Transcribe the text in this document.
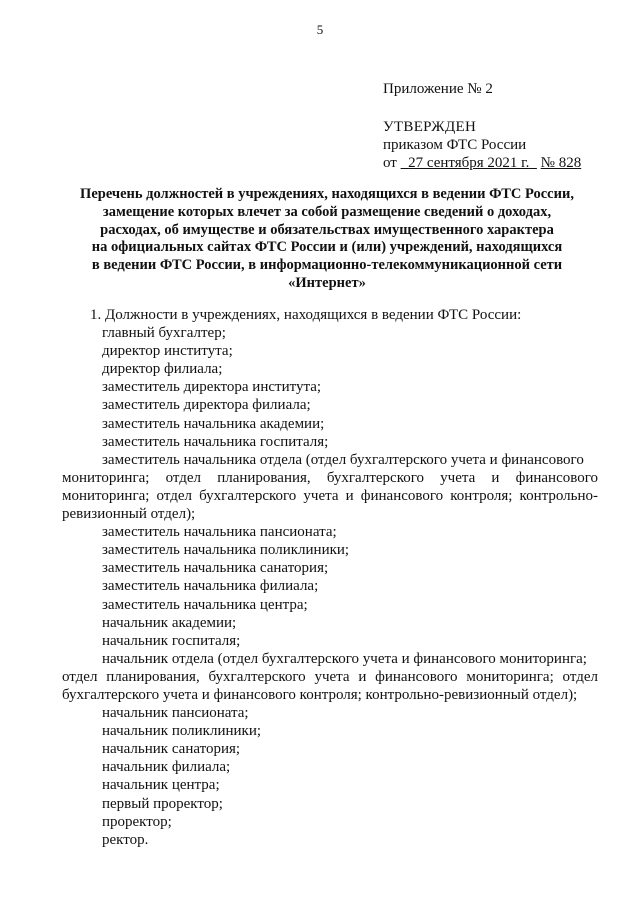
5
Приложение № 2
УТВЕРЖДЕН
приказом ФТС России
от 27 сентября 2021 г. № 828
Перечень должностей в учреждениях, находящихся в ведении ФТС России,
замещение которых влечет за собой размещение сведений о доходах,
расходах, об имуществе и обязательствах имущественного характера
на официальных сайтах ФТС России и (или) учреждений, находящихся
в ведении ФТС России, в информационно-телекоммуникационной сети
«Интернет»
1. Должности в учреждениях, находящихся в ведении ФТС России:
главный бухгалтер;
директор института;
директор филиала;
заместитель директора института;
заместитель директора филиала;
заместитель начальника академии;
заместитель начальника госпиталя;
заместитель начальника отдела (отдел бухгалтерского учета и финансового
мониторинга; отдел планирования, бухгалтерского учета и финансового мониторинга; отдел бухгалтерского учета и финансового контроля; контрольно-ревизионный отдел);
заместитель начальника пансионата;
заместитель начальника поликлиники;
заместитель начальника санатория;
заместитель начальника филиала;
заместитель начальника центра;
начальник академии;
начальник госпиталя;
начальник отдела (отдел бухгалтерского учета и финансового мониторинга;
отдел планирования, бухгалтерского учета и финансового мониторинга; отдел бухгалтерского учета и финансового контроля; контрольно-ревизионный отдел);
начальник пансионата;
начальник поликлиники;
начальник санатория;
начальник филиала;
начальник центра;
первый проректор;
проректор;
ректор.
